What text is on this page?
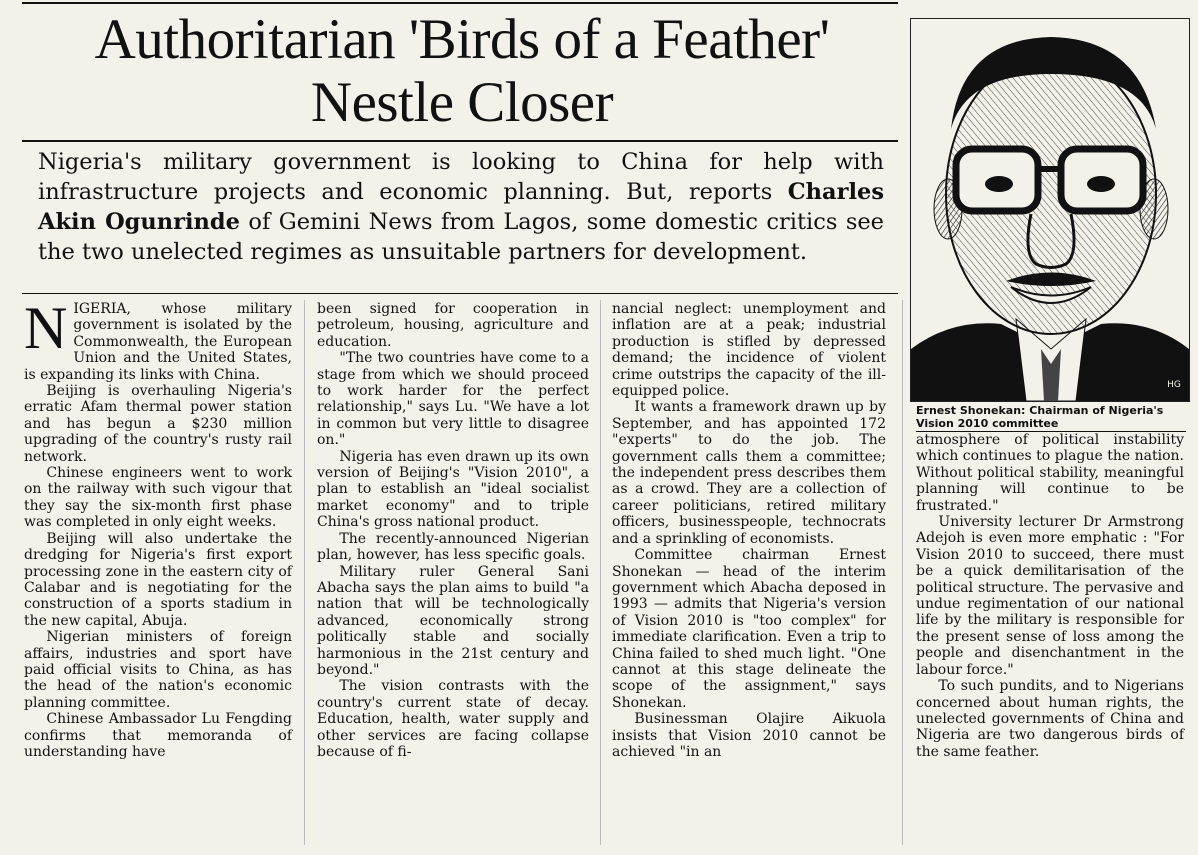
Authoritarian 'Birds of a Feather' Nestle Closer

Nigeria's military government is looking to China for help with infrastructure projects and economic planning. But, reports Charles Akin Ogunrinde of Gemini News from Lagos, some domestic critics see the two unelected regimes as unsuitable partners for development.

N IGERIA, whose military government is isolated by the Commonwealth, the European Union and the United States, is expanding its links with China.

Beijing is overhauling Nigeria's erratic Afam thermal power station and has begun a $230 million upgrading of the country's rusty rail network.

Chinese engineers went to work on the railway with such vigour that they say the six-month first phase was completed in only eight weeks.

Beijing will also undertake the dredging for Nigeria's first export processing zone in the eastern city of Calabar and is negotiating for the construction of a sports stadium in the new capital, Abuja.

Nigerian ministers of foreign affairs, industries and sport have paid official visits to China, as has the head of the nation's economic planning committee.

Chinese Ambassador Lu Fengding confirms that memoranda of understanding have

been signed for cooperation in petroleum, housing, agriculture and education.

"The two countries have come to a stage from which we should proceed to work harder for the perfect relationship," says Lu. "We have a lot in common but very little to disagree on."

Nigeria has even drawn up its own version of Beijing's "Vision 2010", a plan to establish an "ideal socialist market economy" and to triple China's gross national product.

The recently-announced Nigerian plan, however, has less specific goals.

Military ruler General Sani Abacha says the plan aims to build "a nation that will be technologically advanced, economically strong politically stable and socially harmonious in the 21st century and beyond."

The vision contrasts with the country's current state of decay. Education, health, water supply and other services are facing collapse because of fi-

nancial neglect: unemployment and inflation are at a peak; industrial production is stifled by depressed demand; the incidence of violent crime outstrips the capacity of the ill-equipped police.

It wants a framework drawn up by September, and has appointed 172 "experts" to do the job. The government calls them a committee; the independent press describes them as a crowd. They are a collection of career politicians, retired military officers, businesspeople, technocrats and a sprinkling of economists.

Committee chairman Ernest Shonekan — head of the interim government which Abacha deposed in 1993 — admits that Nigeria's version of Vision 2010 is "too complex" for immediate clarification. Even a trip to China failed to shed much light. "One cannot at this stage delineate the scope of the assignment," says Shonekan.

Businessman Olajire Aikuola insists that Vision 2010 cannot be achieved "in an

HG

Ernest Shonekan: Chairman of Nigeria's Vision 2010 committee

atmosphere of political instability which continues to plague the nation. Without political stability, meaningful planning will continue to be frustrated."

University lecturer Dr Armstrong Adejoh is even more emphatic : "For Vision 2010 to succeed, there must be a quick demilitarisation of the political structure. The pervasive and undue regimentation of our national life by the military is responsible for the present sense of loss among the people and disenchantment in the labour force."

To such pundits, and to Nigerians concerned about human rights, the unelected governments of China and Nigeria are two dangerous birds of the same feather.
